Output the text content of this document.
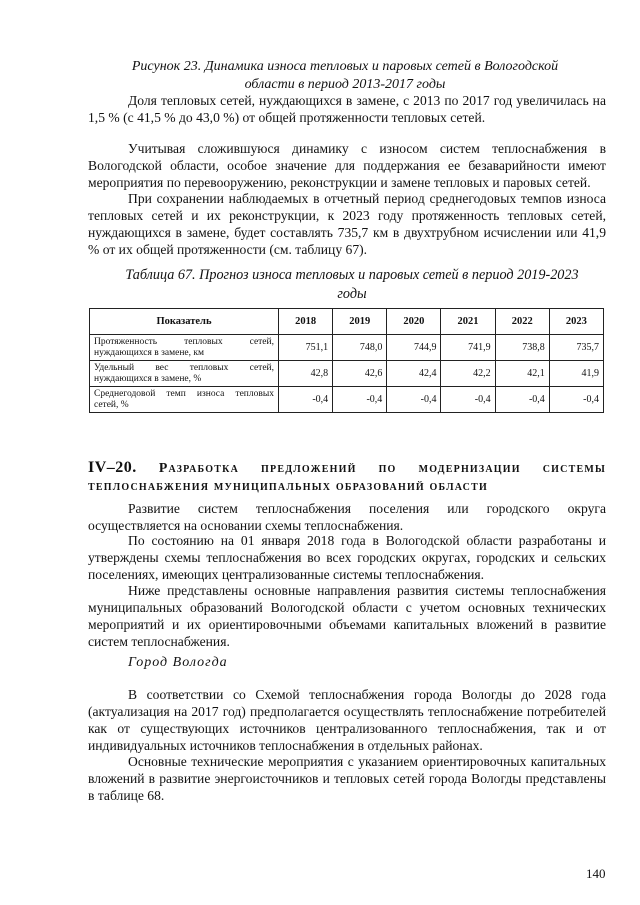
Рисунок 23. Динамика износа тепловых и паровых сетей в Вологодской
области в период 2013-2017 годы

Доля тепловых сетей, нуждающихся в замене, с 2013 по 2017 год увеличилась на 1,5 % (с 41,5 % до 43,0 %) от общей протяженности тепловых сетей.

Учитывая сложившуюся динамику с износом систем теплоснабжения в Вологодской области, особое значение для поддержания ее безаварийности имеют мероприятия по перевооружению, реконструкции и замене тепловых и паровых сетей.

При сохранении наблюдаемых в отчетный период среднегодовых темпов износа тепловых сетей и их реконструкции, к 2023 году протяженность тепловых сетей, нуждающихся в замене, будет составлять 735,7 км в двухтрубном исчислении или 41,9 % от их общей протяженности (см. таблицу 67).

Таблица 67. Прогноз износа тепловых и паровых сетей в период 2019-2023
годы
Показатель	2018	2019	2020	2021	2022	2023
Протяженность тепловых сетей, нуждающихся в замене, км	751,1	748,0	744,9	741,9	738,8	735,7
Удельный вес тепловых сетей, нуждающихся в замене, %	42,8	42,6	42,4	42,2	42,1	41,9
Среднегодовой темп износа тепловых сетей, %	-0,4	-0,4	-0,4	-0,4	-0,4	-0,4
IV–20. Разработка предложений по модернизации системы теплоснабжения муниципальных образований области

Развитие систем теплоснабжения поселения или городского округа осуществляется на основании схемы теплоснабжения.

По состоянию на 01 января 2018 года в Вологодской области разработаны и утверждены схемы теплоснабжения во всех городских округах, городских и сельских поселениях, имеющих централизованные системы теплоснабжения.

Ниже представлены основные направления развития системы теплоснабжения муниципальных образований Вологодской области с учетом основных технических мероприятий и их ориентировочными объемами капитальных вложений в развитие систем теплоснабжения.

Город Вологда

В соответствии со Схемой теплоснабжения города Вологды до 2028 года (актуализация на 2017 год) предполагается осуществлять теплоснабжение потребителей как от существующих источников централизованного теплоснабжения, так и от индивидуальных источников теплоснабжения в отдельных районах.

Основные технические мероприятия с указанием ориентировочных капитальных вложений в развитие энергоисточников и тепловых сетей города Вологды представлены в таблице 68.

140
